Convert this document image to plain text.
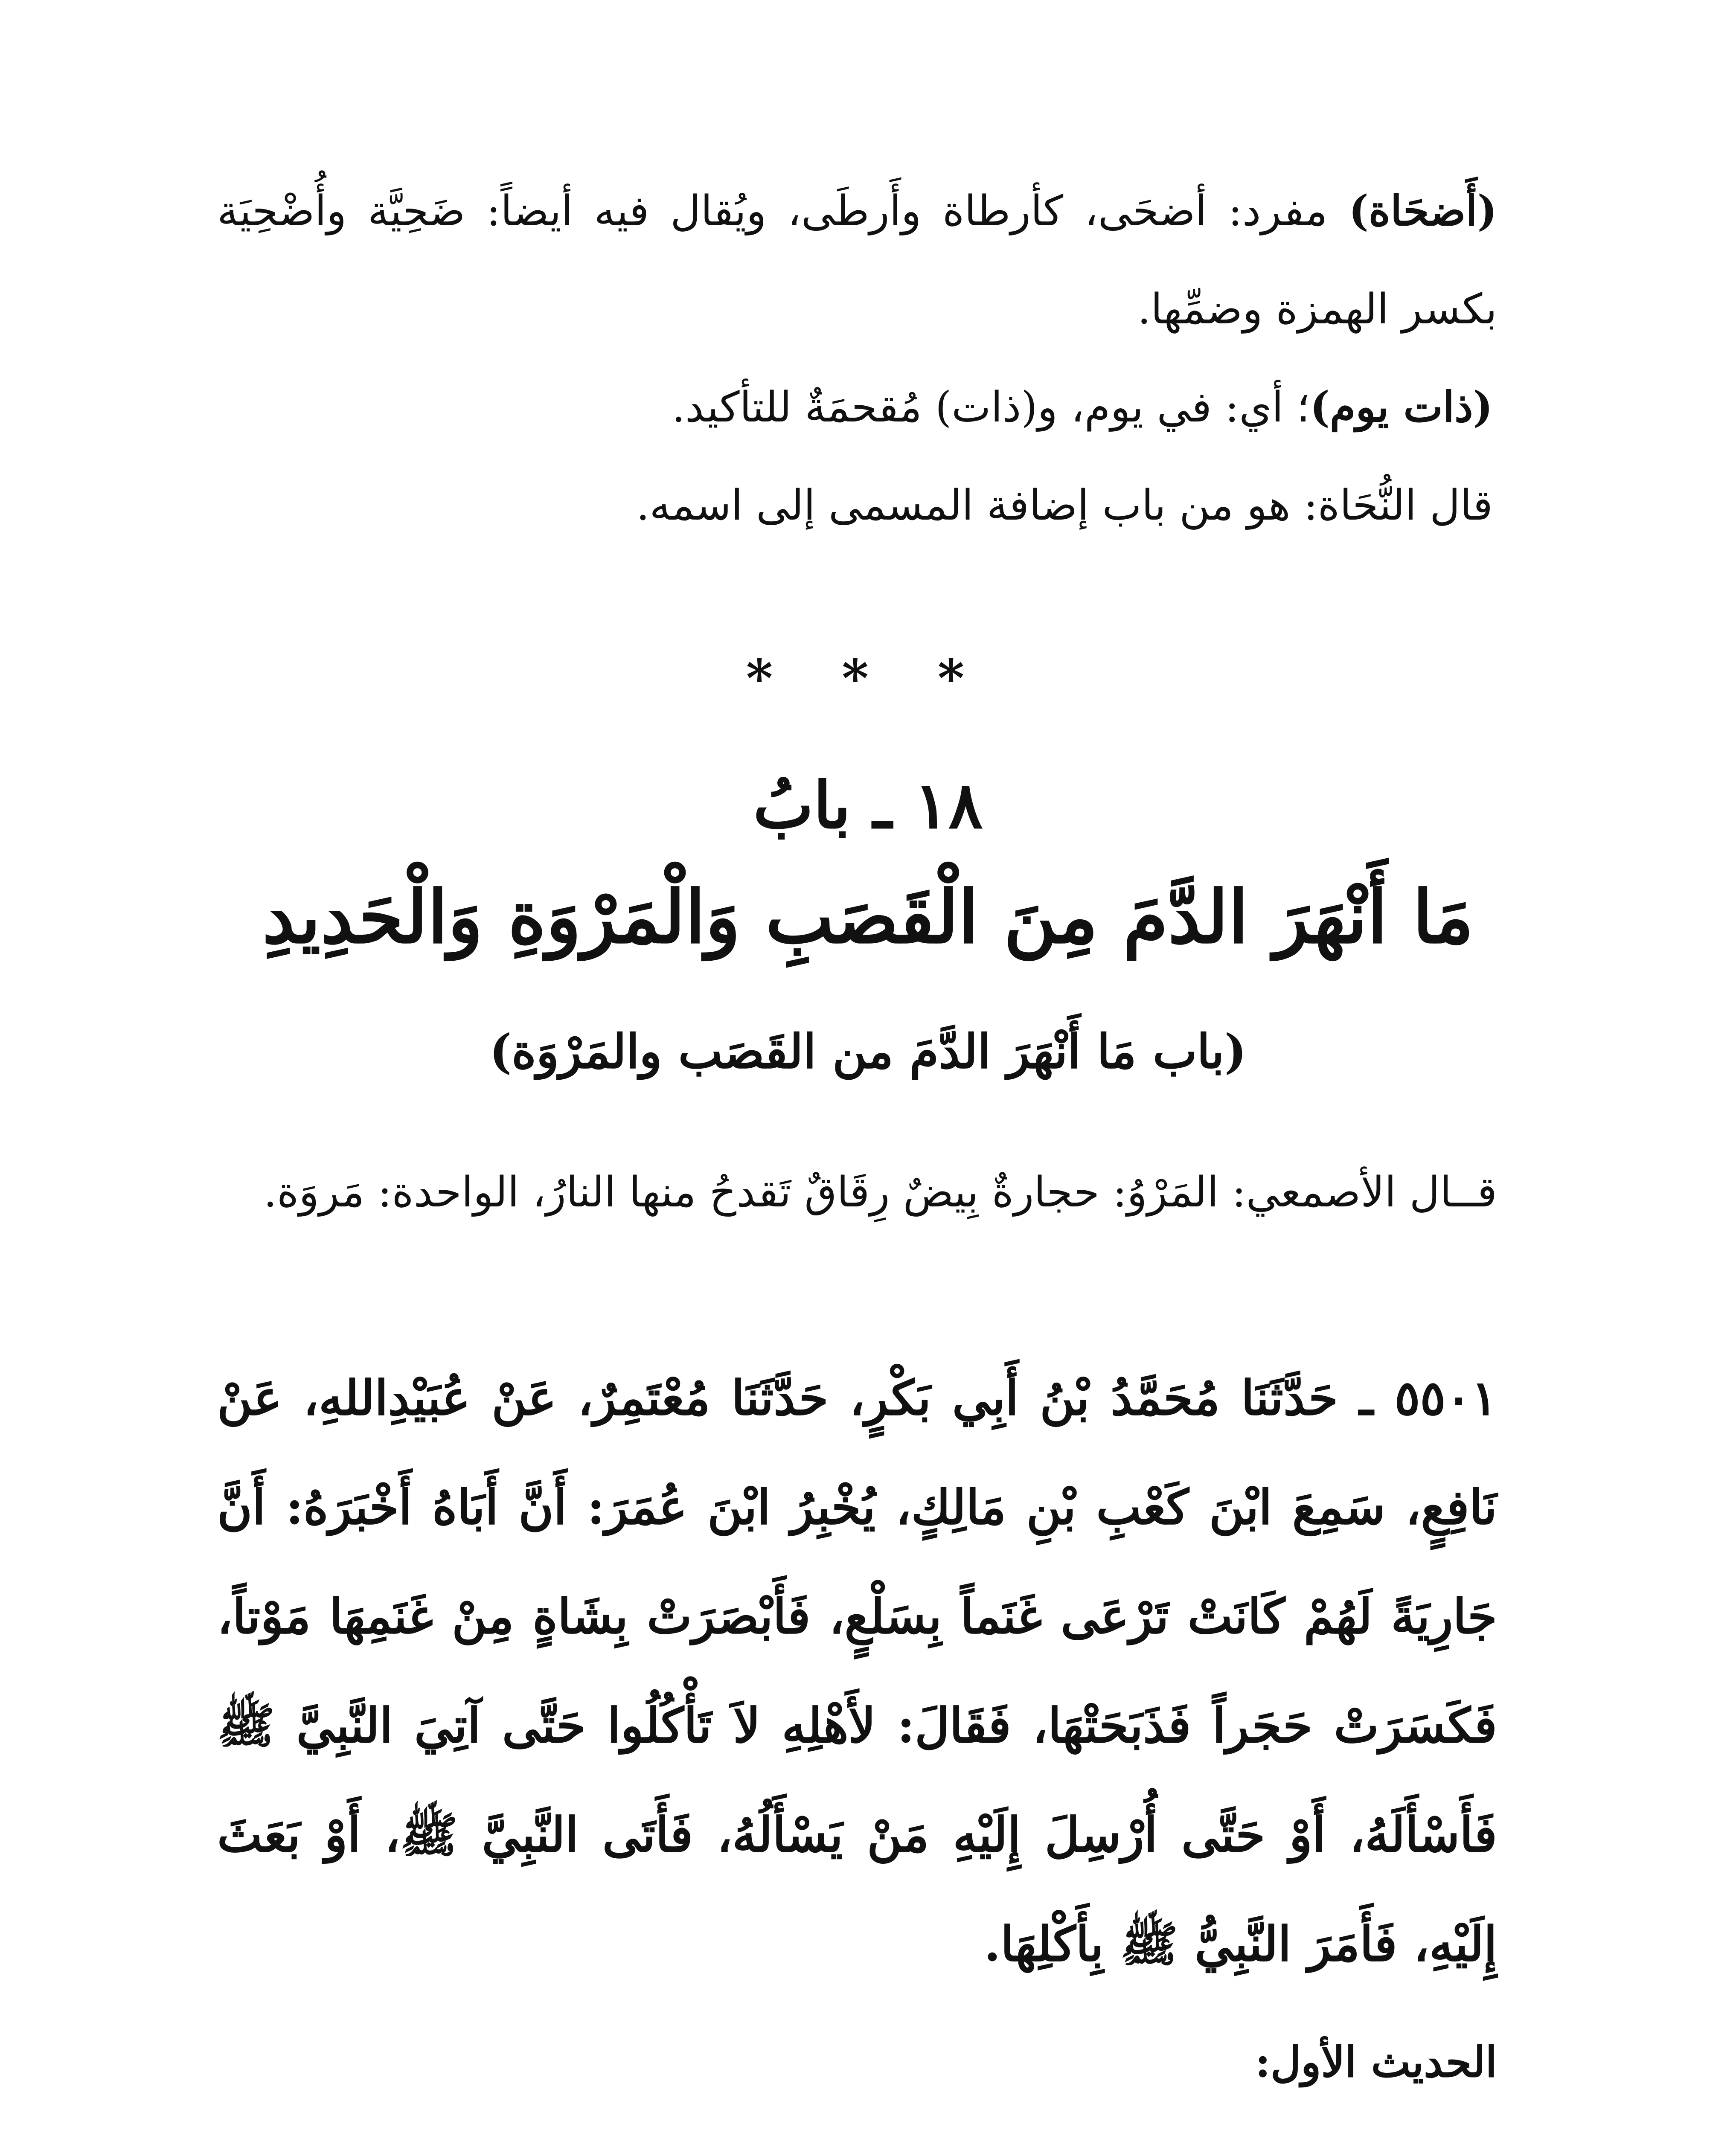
(أَضحَاة) مفرد: أضحَى، كأرطاة وأَرطَى، ويُقال فيه أيضاً: ضَحِيَّة وأُضْحِيَة بكسر الهمزة وضمِّها.

(ذات يوم)؛ أي: في يوم، و(ذات) مُقحمَةٌ للتأكيد.

قال النُّحَاة: هو من باب إضافة المسمى إلى اسمه.

* * *
١٨ ـ بابُ
مَا أَنْهَرَ الدَّمَ مِنَ الْقَصَبِ وَالْمَرْوَةِ وَالْحَدِيدِ
(باب مَا أَنْهَرَ الدَّمَ من القَصَب والمَرْوَة)

قــال الأصمعي: المَرْوُ: حجارةٌ بِيضٌ رِقَاقٌ تَقدحُ منها النارُ، الواحدة: مَروَة.

٥٥٠١ ـ حَدَّثَنَا مُحَمَّدُ بْنُ أَبِي بَكْرٍ، حَدَّثَنَا مُعْتَمِرٌ، عَنْ عُبَيْدِاللهِ، عَنْ نَافِعٍ، سَمِعَ ابْنَ كَعْبِ بْنِ مَالِكٍ، يُخْبِرُ ابْنَ عُمَرَ: أَنَّ أَبَاهُ أَخْبَرَهُ: أَنَّ جَارِيَةً لَهُمْ كَانَتْ تَرْعَى غَنَماً بِسَلْعٍ، فَأَبْصَرَتْ بِشَاةٍ مِنْ غَنَمِهَا مَوْتاً، فَكَسَرَتْ حَجَراً فَذَبَحَتْهَا، فَقَالَ: لأَهْلِهِ لاَ تَأْكُلُوا حَتَّى آتِيَ النَّبِيَّ ﷺ فَأَسْأَلَهُ، أَوْ حَتَّى أُرْسِلَ إِلَيْهِ مَنْ يَسْأَلُهُ، فَأَتَى النَّبِيَّ ﷺ، أَوْ بَعَثَ إِلَيْهِ، فَأَمَرَ النَّبِيُّ ﷺ بِأَكْلِهَا.

الحديث الأول:
